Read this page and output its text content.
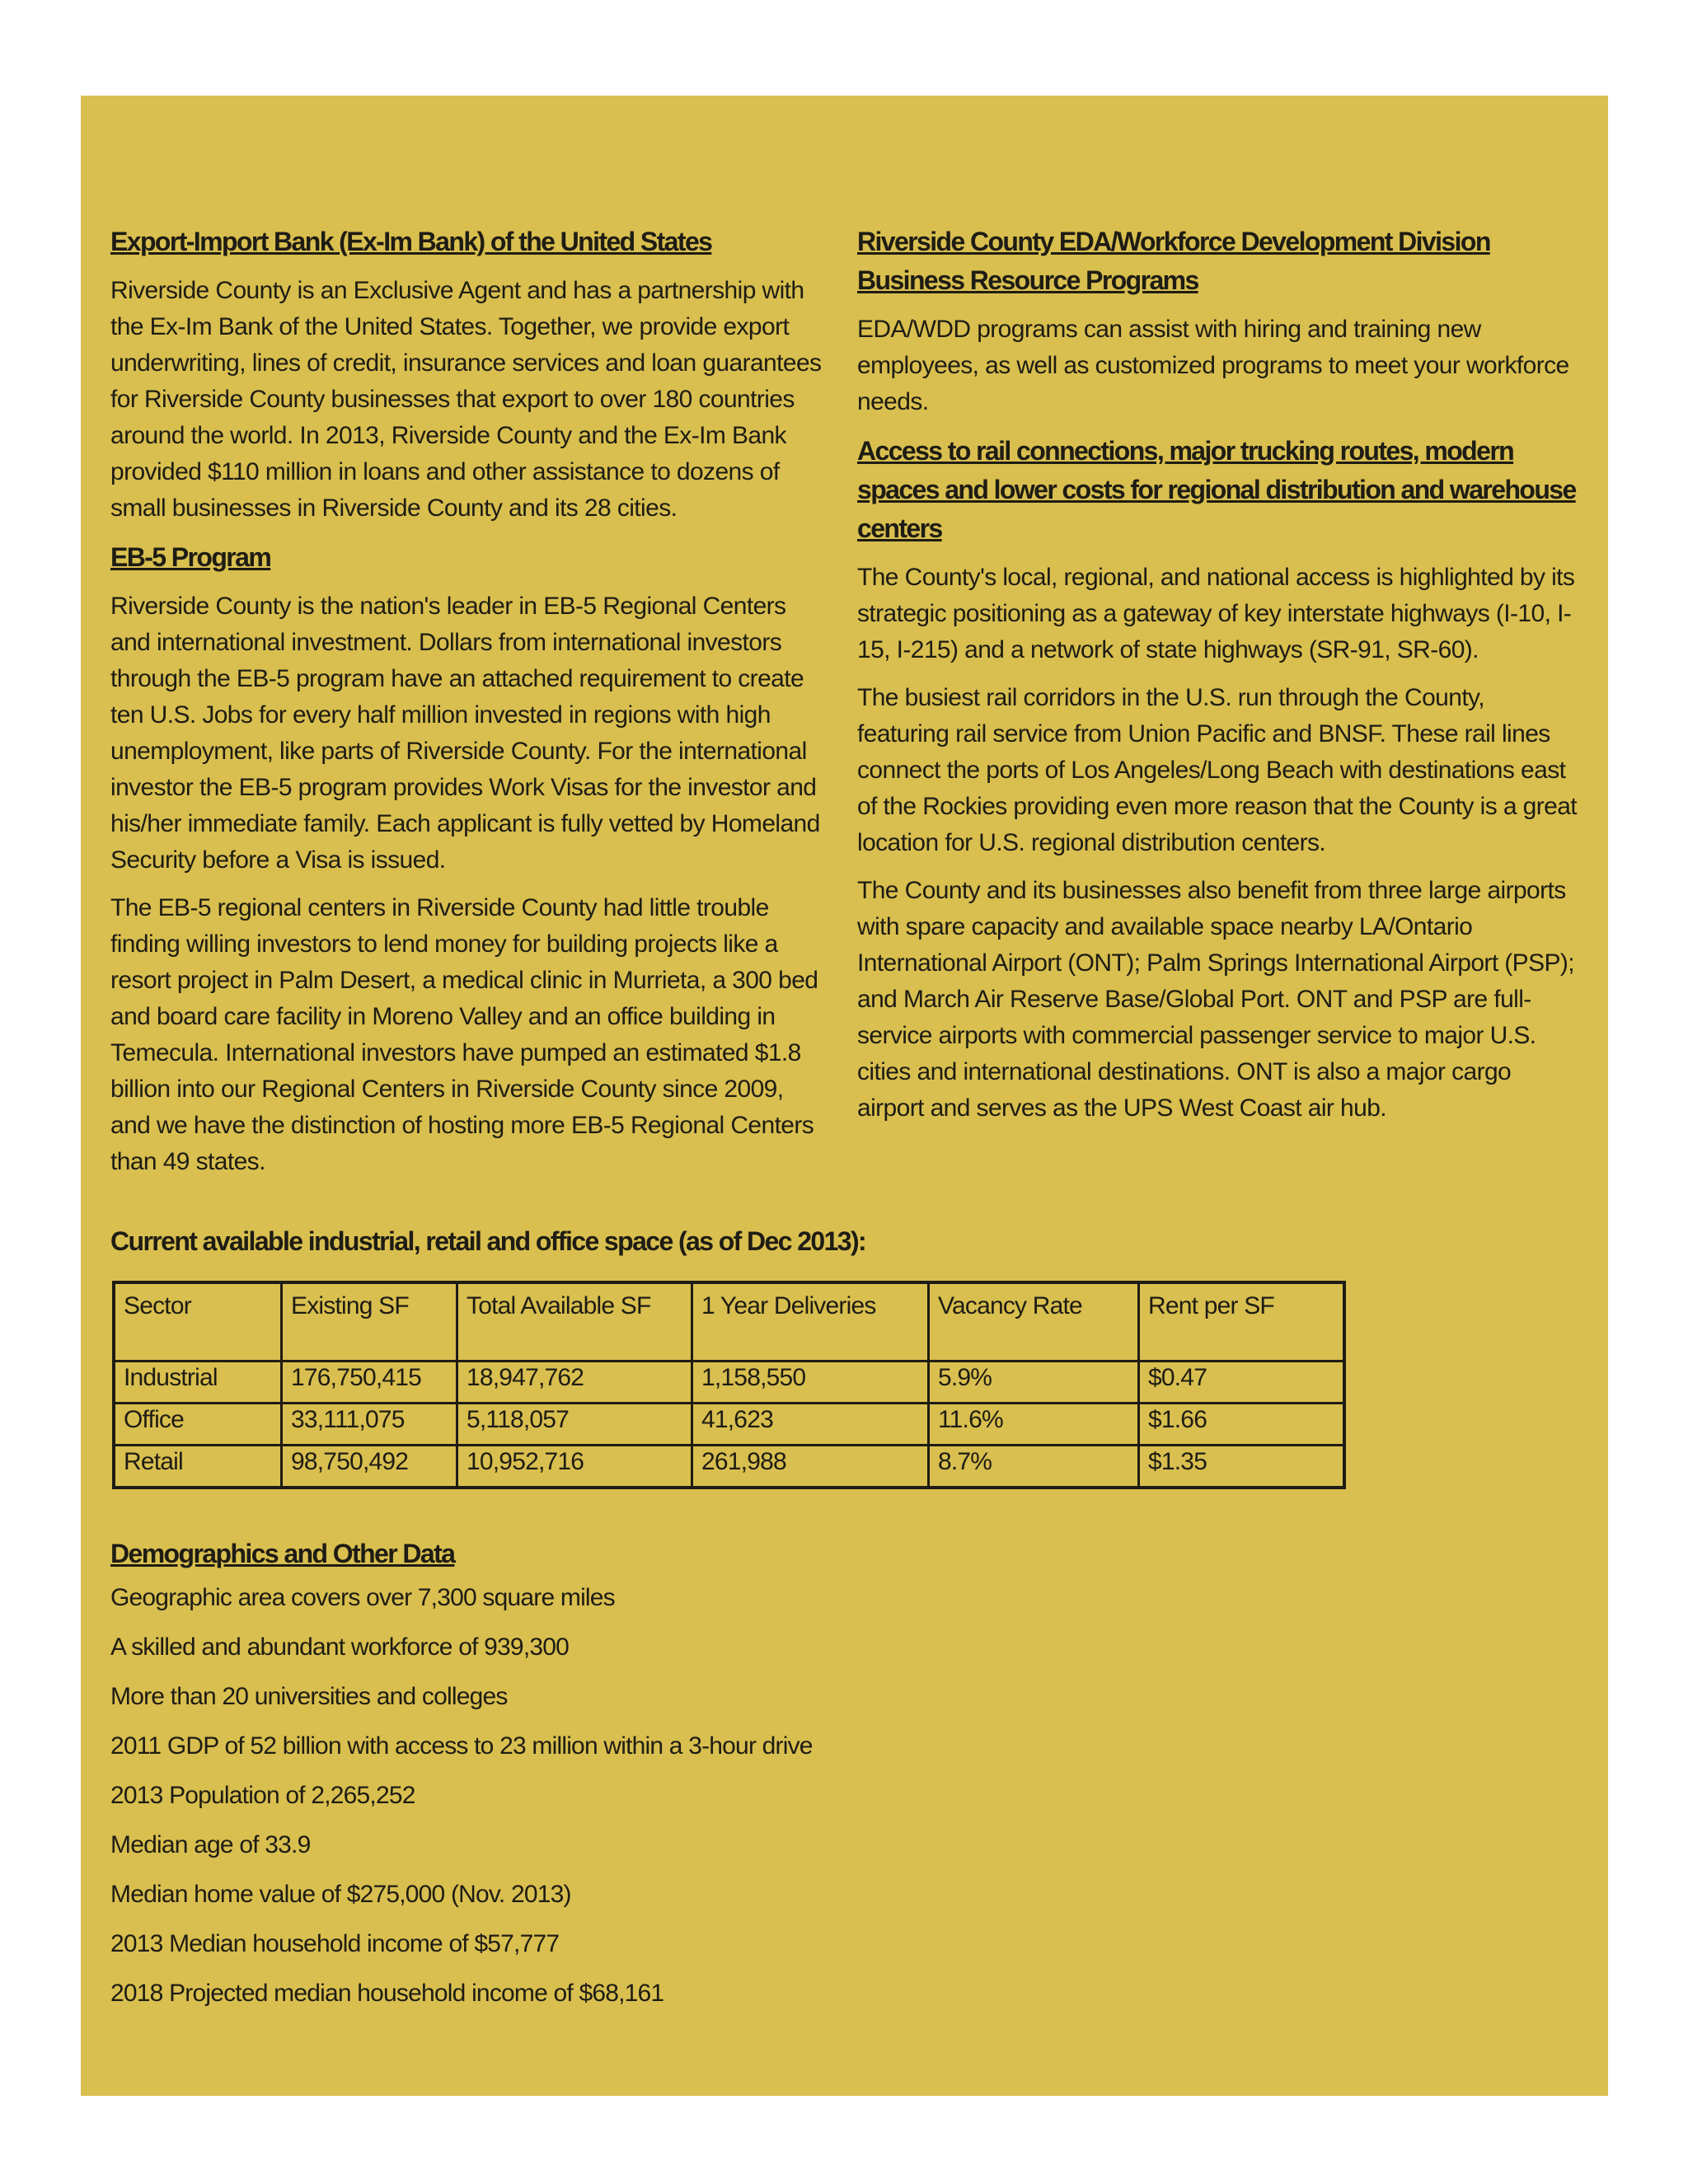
Export-Import Bank (Ex-Im Bank) of the United States

Riverside County is an Exclusive Agent and has a partnership with the Ex-Im Bank of the United States. Together, we provide export underwriting, lines of credit, insurance services and loan guarantees for Riverside County businesses that export to over 180 countries around the world. In 2013, Riverside County and the Ex-Im Bank provided $110 million in loans and other assistance to dozens of small businesses in Riverside County and its 28 cities.

EB-5 Program

Riverside County is the nation's leader in EB-5 Regional Centers and international investment. Dollars from international investors through the EB-5 program have an attached requirement to create ten U.S. Jobs for every half million invested in regions with high unemployment, like parts of Riverside County. For the international investor the EB-5 program provides Work Visas for the investor and his/her immediate family. Each applicant is fully vetted by Homeland Security before a Visa is issued.

The EB-5 regional centers in Riverside County had little trouble finding willing investors to lend money for building projects like a resort project in Palm Desert, a medical clinic in Murrieta, a 300 bed and board care facility in Moreno Valley and an office building in Temecula. International investors have pumped an estimated $1.8 billion into our Regional Centers in Riverside County since 2009, and we have the distinction of hosting more EB-5 Regional Centers than 49 states.

Riverside County EDA/Workforce Development Division Business Resource Programs

EDA/WDD programs can assist with hiring and training new employees, as well as customized programs to meet your workforce needs.

Access to rail connections, major trucking routes, modern spaces and lower costs for regional distribution and warehouse centers

The County's local, regional, and national access is highlighted by its strategic positioning as a gateway of key interstate highways (I-10, I-15, I-215) and a network of state highways (SR-91, SR-60).

The busiest rail corridors in the U.S. run through the County, featuring rail service from Union Pacific and BNSF. These rail lines connect the ports of Los Angeles/Long Beach with destinations east of the Rockies providing even more reason that the County is a great location for U.S. regional distribution centers.

The County and its businesses also benefit from three large airports with spare capacity and available space nearby LA/Ontario International Airport (ONT); Palm Springs International Airport (PSP); and March Air Reserve Base/Global Port. ONT and PSP are full-service airports with commercial passenger service to major U.S. cities and international destinations. ONT is also a major cargo airport and serves as the UPS West Coast air hub.

Current available industrial, retail and office space (as of Dec 2013):

Sector	Existing SF	Total Available SF	1 Year Deliveries	Vacancy Rate	Rent per SF
Industrial	176,750,415	18,947,762	1,158,550	5.9%	$0.47
Office	33,111,075	5,118,057	41,623	11.6%	$1.66
Retail	98,750,492	10,952,716	261,988	8.7%	$1.35
Demographics and Other Data

Geographic area covers over 7,300 square miles

A skilled and abundant workforce of 939,300

More than 20 universities and colleges

2011 GDP of 52 billion with access to 23 million within a 3-hour drive

2013 Population of 2,265,252

Median age of 33.9

Median home value of $275,000 (Nov. 2013)

2013 Median household income of $57,777

2018 Projected median household income of $68,161
